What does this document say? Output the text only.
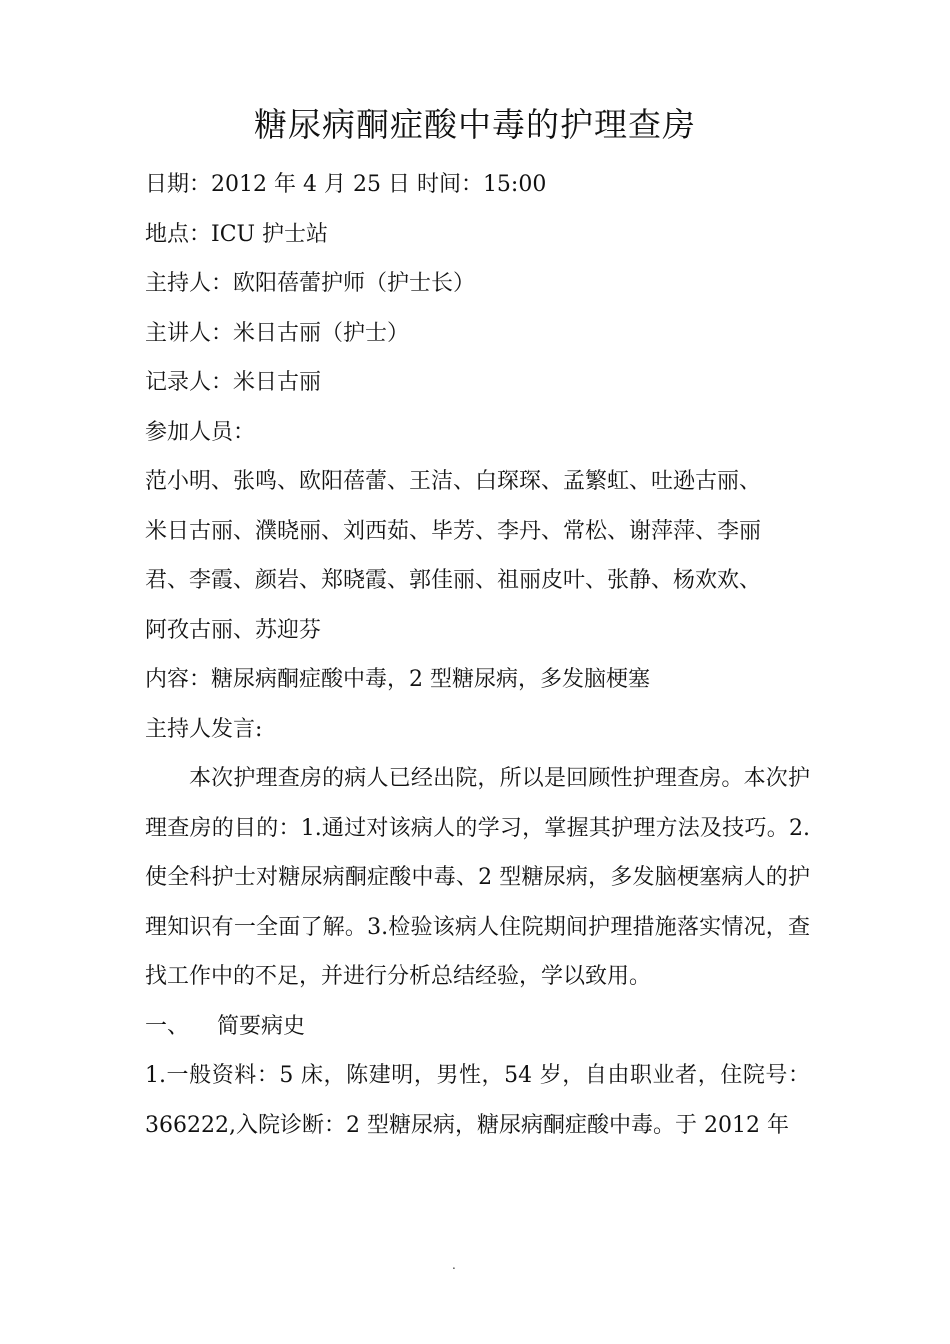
糖尿病酮症酸中毒的护理查房
日期：2012 年 4 月 25 日 时间：15:00
地点：ICU 护士站
主持人：欧阳蓓蕾护师（护士长）
主讲人：米日古丽（护士）
记录人：米日古丽
参加人员：
范小明、张鸣、欧阳蓓蕾、王洁、白琛琛、孟繁虹、吐逊古丽、
米日古丽、濮晓丽、刘西茹、毕芳、李丹、常松、谢萍萍、李丽
君、李霞、颜岩、郑晓霞、郭佳丽、祖丽皮叶、张静、杨欢欢、
阿孜古丽、苏迎芬
内容：糖尿病酮症酸中毒，2 型糖尿病，多发脑梗塞
主持人发言:
本次护理查房的病人已经出院，所以是回顾性护理查房。本次护理查房的目的：1.通过对该病人的学习，掌握其护理方法及技巧。2.使全科护士对糖尿病酮症酸中毒、2 型糖尿病，多发脑梗塞病人的护理知识有一全面了解。3.检验该病人住院期间护理措施落实情况，查找工作中的不足，并进行分析总结经验，学以致用。
一、 简要病史
1.一般资料：5 床，陈建明，男性，54 岁，自由职业者，住院号：366222,入院诊断：2 型糖尿病，糖尿病酮症酸中毒。于 2012 年
.
